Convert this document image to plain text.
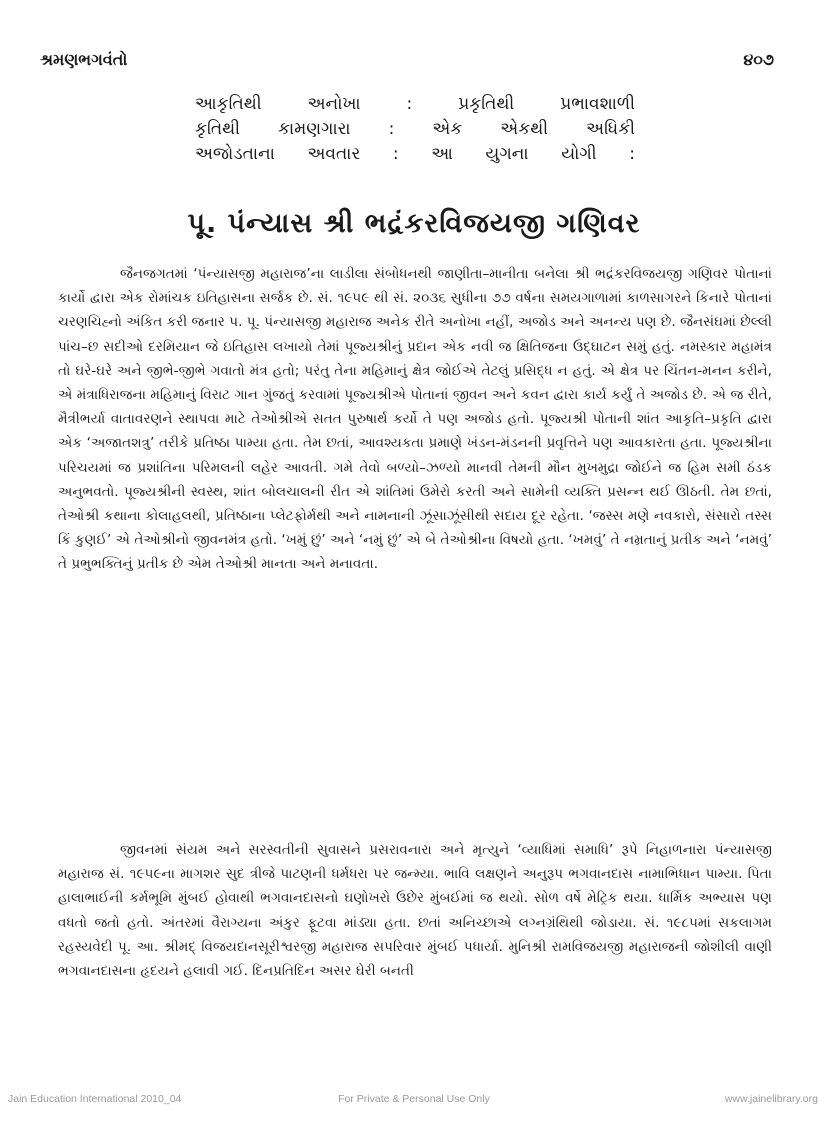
શ્રમણભગવંતો	૪૦૭
આકૃતિથી અનોખા : પ્રકૃતિથી પ્રભાવશાળી
કૃતિથી કામણગારા : એક એકથી અધિકી
અજોડતાના અવતાર : આ યુગના યોગી :
પૂ. પંન્યાસ શ્રી ભદ્રંકરવિજયજી ગણિવર

જૈનજગતમાં ‘પંન્યાસજી મહારાજ’ના લાડીલા સંબોધનથી જાણીતા–માનીતા બનેલા શ્રી ભદ્રંકરવિજયજી ગણિવર પોતાનાં કાર્યો દ્વારા એક રોમાંચક ઇતિહાસના સર્જક છે. સં. ૧૯૫૯ થી સં. ૨૦૩૬ સુધીના ૭૭ વર્ષના સમયગાળામાં કાળસાગરને કિનારે પોતાનાં ચરણચિહ્નો અંકિત કરી જનાર પ. પૂ. પંન્યાસજી મહારાજ અનેક રીતે અનોખા નહીં, અજોડ અને અનન્ય પણ છે. જૈનસંઘમાં છેલ્લી પાંચ–છ સદીઓ દરમિયાન જે ઇતિહાસ લખાયો તેમાં પૂજ્યશ્રીનું પ્રદાન એક નવી જ ક્ષિતિજના ઉદ્‌ઘાટન સમું હતું. નમસ્કાર મહામંત્ર તો ઘરે-ઘરે અને જીભે-જીભે ગવાતો મંત્ર હતો; પરંતુ તેના મહિમાનું ક્ષેત્ર જોઈએ તેટલું પ્રસિદ્ધ ન હતું. એ ક્ષેત્ર પર ચિંતન-મનન કરીને, એ મંત્રાધિરાજના મહિમાનું વિરાટ ગાન ગુંજતું કરવામાં પૂજ્યશ્રીએ પોતાનાં જીવન અને કવન દ્વારા કાર્ય કર્યું તે અજોડ છે. એ જ રીતે, મૈત્રીભર્યા વાતાવરણને સ્થાપવા માટે તેઓશ્રીએ સતત પુરુષાર્થ કર્યો તે પણ અજોડ હતો. પૂજ્યશ્રી પોતાની શાંત આકૃતિ–પ્રકૃતિ દ્વારા એક ‘અજાતશત્રુ’ તરીકે પ્રતિષ્ઠા પામ્યા હતા. તેમ છતાં, આવશ્યકતા પ્રમાણે ખંડન-મંડનની પ્રવૃત્તિને પણ આવકારતા હતા. પૂજ્યશ્રીના પરિચયમાં જ પ્રશાંતિના પરિમલની લહેર આવતી. ગમે તેવો બળ્યો–ઝળ્યો માનવી તેમની મૌન મુખમુદ્રા જોઈને જ હિમ સમી ઠંડક અનુભવતો. પૂજ્યશ્રીની સ્વસ્થ, શાંત બોલચાલની રીત એ શાંતિમાં ઉમેરો કરતી અને સામેની વ્યક્તિ પ્રસન્ન થઈ ઊઠતી. તેમ છતાં, તેઓશ્રી કથાના કોલાહલથી, પ્રતિષ્ઠાના પ્લેટફોર્મથી અને નામનાની ઝૂંસાઝૂંસીથી સદાય દૂર રહેતા. ‘જસ્સ મણે નવકારો, સંસારો તસ્સ કિં કુણઈ’ એ તેઓશ્રીનો જીવનમંત્ર હતો. ‘ખમું છું’ અને ‘નમું છું’ એ બે તેઓશ્રીના વિષયો હતા. ‘ખમવું’ તે નમ્રતાનું પ્રતીક અને ‘નમવું’ તે પ્રભુભક્તિનું પ્રતીક છે એમ તેઓશ્રી માનતા અને મનાવતા.

જીવનમાં સંયમ અને સરસ્વતીની સુવાસને પ્રસરાવનારા અને મૃત્યુને ‘વ્યાધિમાં સમાધિ’ રૂપે નિહાળનારા પંન્યાસજી મહારાજ સં. ૧૯૫૯ના માગશર સુદ ત્રીજે પાટણની ધર્મધરા પર જન્મ્યા. ભાવિ લક્ષણને અનુરૂપ ભગવાનદાસ નામાભિધાન પામ્યા. પિતા હાલાભાઈની કર્મભૂમિ મુંબઈ હોવાથી ભગવાનદાસનો ઘણોખરો ઉછેર મુંબઈમાં જ થયો. સોળ વર્ષે મેટ્રિક થયા. ધાર્મિક અભ્યાસ પણ વધતો જતો હતો. અંતરમાં વૈરાગ્યના અંકુર ફૂટવા માંડ્યા હતા. છતાં અનિચ્છાએ લગ્નગ્રંથિથી જોડાયા. સં. ૧૯૮૫માં સકલાગમ રહસ્યવેદી પૂ. આ. શ્રીમદ્ વિજયદાનસૂરીશ્વરજી મહારાજ સપરિવાર મુંબઈ પધાર્યા. મુનિશ્રી રામવિજયજી મહારાજની જોશીલી વાણી ભગવાનદાસના હૃદયને હલાવી ગઈ. દિનપ્રતિદિન અસર ઘેરી બનતી

Jain Education International 2010_04	For Private & Personal Use Only	www.jainelibrary.org
